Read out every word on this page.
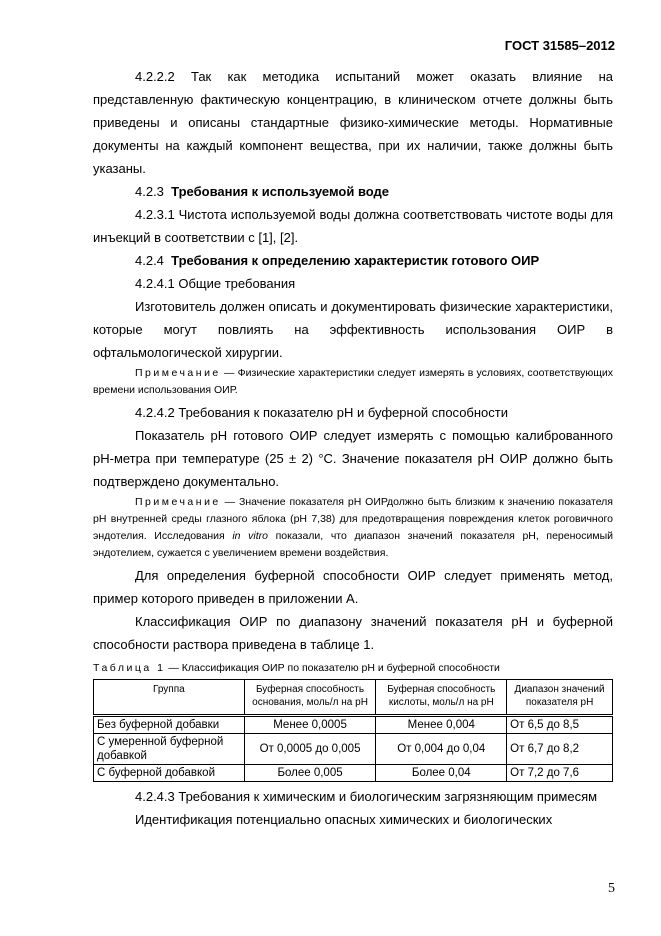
ГОСТ 31585–2012

4.2.2.2 Так как методика испытаний может оказать влияние на представленную фактическую концентрацию, в клиническом отчете должны быть приведены и описаны стандартные физико-химические методы. Нормативные документы на каждый компонент вещества, при их наличии, также должны быть указаны.

4.2.3 Требования к используемой воде

4.2.3.1 Чистота используемой воды должна соответствовать чистоте воды для инъекций в соответствии с [1], [2].

4.2.4 Требования к определению характеристик готового ОИР

4.2.4.1 Общие требования

Изготовитель должен описать и документировать физические характеристики, которые могут повлиять на эффективность использования ОИР в офтальмологической хирургии.

Примечание — Физические характеристики следует измерять в условиях, соответствующих времени использования ОИР.

4.2.4.2 Требования к показателю pH и буферной способности

Показатель pH готового ОИР следует измерять с помощью калиброванного pH-метра при температуре (25 ± 2) °С. Значение показателя pH ОИР должно быть подтверждено документально.

Примечание — Значение показателя pH ОИРдолжно быть близким к значению показателя pH внутренней среды глазного яблока (pH 7,38) для предотвращения повреждения клеток роговичного эндотелия. Исследования in vitro показали, что диапазон значений показателя pH, переносимый эндотелием, сужается с увеличением времени воздействия.

Для определения буферной способности ОИР следует применять метод, пример которого приведен в приложении А.

Классификация ОИР по диапазону значений показателя pH и буферной способности раствора приведена в таблице 1.

Таблица 1 — Классификация ОИР по показателю pH и буферной способности
Группа	Буферная способность основания, моль/л на pH	Буферная способность кислоты, моль/л на pH	Диапазон значений показателя pH
Без буферной добавки	Менее 0,0005	Менее 0,004	От 6,5 до 8,5
С умеренной буферной добавкой	От 0,0005 до 0,005	От 0,004 до 0,04	От 6,7 до 8,2
С буферной добавкой	Более 0,005	Более 0,04	От 7,2 до 7,6

4.2.4.3 Требования к химическим и биологическим загрязняющим примесям

Идентификация потенциально опасных химических и биологических

5
